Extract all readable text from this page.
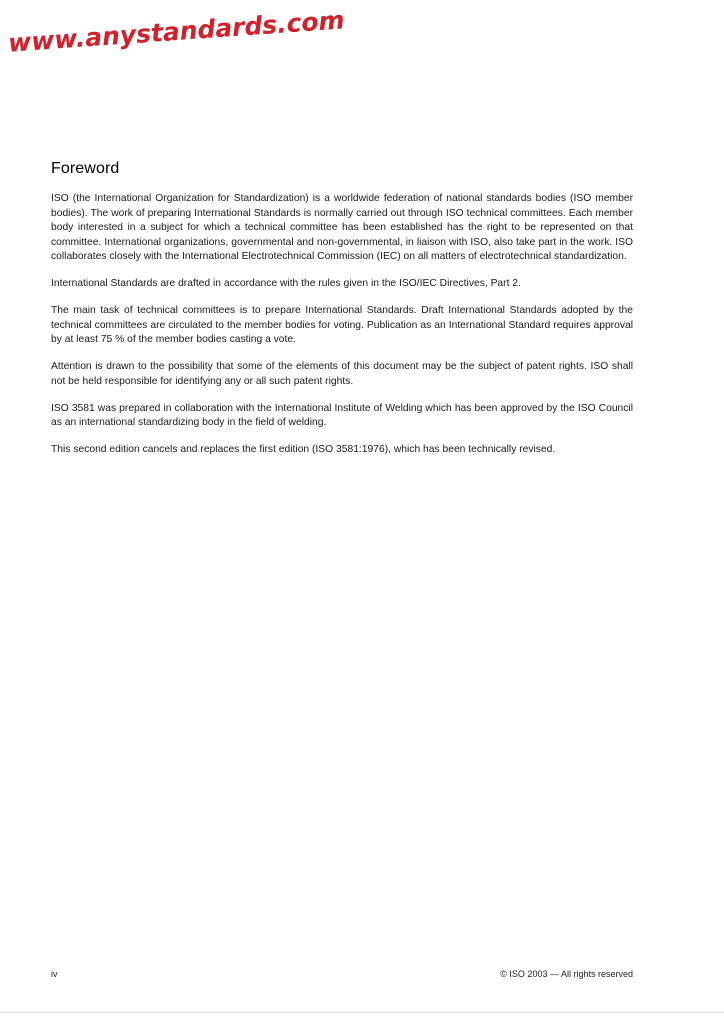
www.anystandards.com
Foreword

ISO (the International Organization for Standardization) is a worldwide federation of national standards bodies (ISO member bodies). The work of preparing International Standards is normally carried out through ISO technical committees. Each member body interested in a subject for which a technical committee has been established has the right to be represented on that committee. International organizations, governmental and non-governmental, in liaison with ISO, also take part in the work. ISO collaborates closely with the International Electrotechnical Commission (IEC) on all matters of electrotechnical standardization.

International Standards are drafted in accordance with the rules given in the ISO/IEC Directives, Part 2.

The main task of technical committees is to prepare International Standards. Draft International Standards adopted by the technical committees are circulated to the member bodies for voting. Publication as an International Standard requires approval by at least 75 % of the member bodies casting a vote.

Attention is drawn to the possibility that some of the elements of this document may be the subject of patent rights. ISO shall not be held responsible for identifying any or all such patent rights.

ISO 3581 was prepared in collaboration with the International Institute of Welding which has been approved by the ISO Council as an international standardizing body in the field of welding.

This second edition cancels and replaces the first edition (ISO 3581:1976), which has been technically revised.

iv	© ISO 2003 — All rights reserved
